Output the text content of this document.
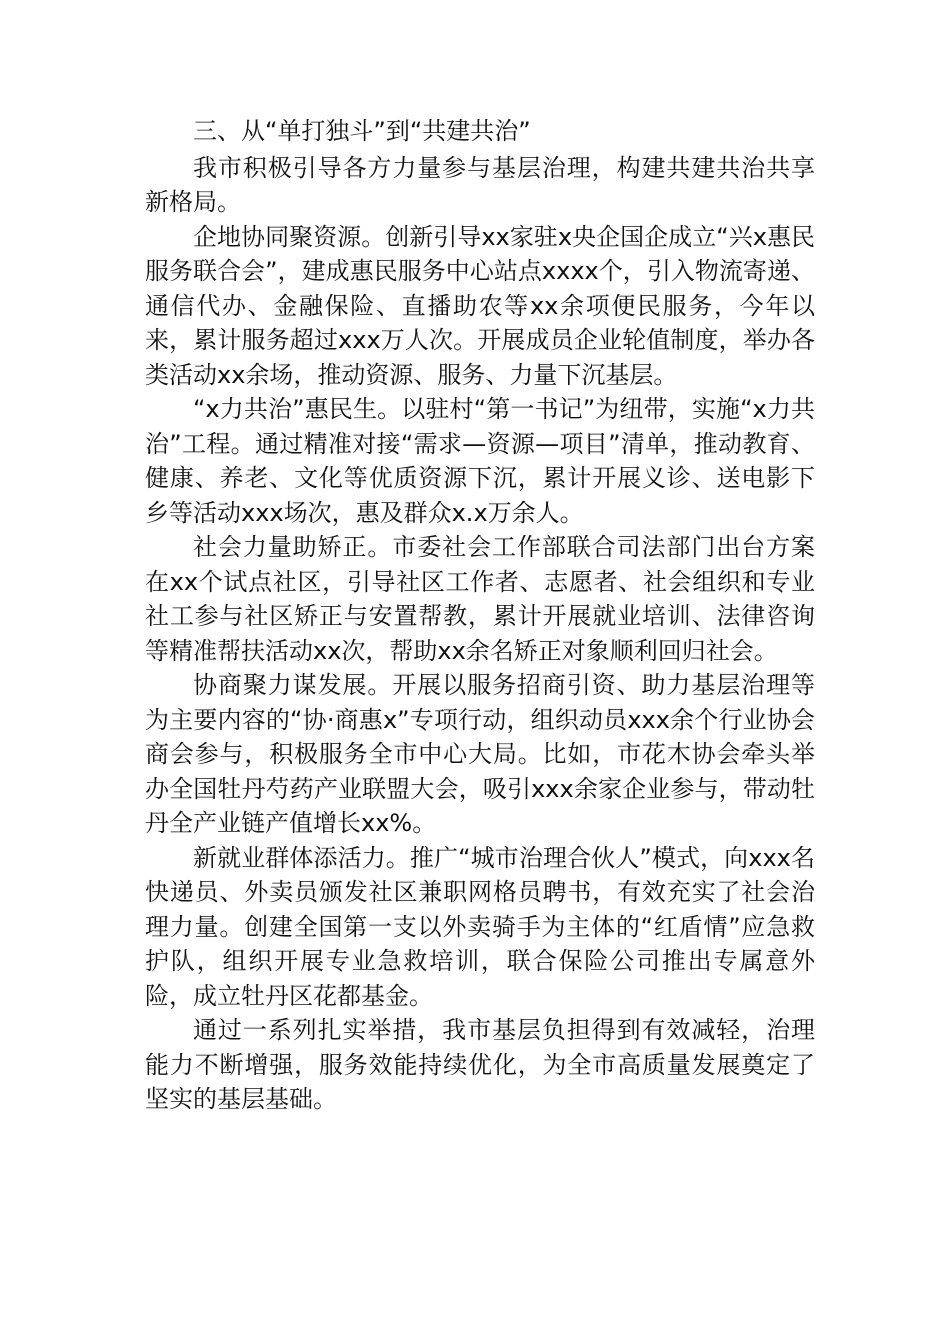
三、从“单打独斗”到“共建共治”

我市积极引导各方力量参与基层治理，构建共建共治共享新格局。

企地协同聚资源。创新引导xx家驻x央企国企成立“兴x惠民服务联合会”，建成惠民服务中心站点xxxx个，引入物流寄递、通信代办、金融保险、直播助农等xx余项便民服务，今年以来，累计服务超过xxx万人次。开展成员企业轮值制度，举办各类活动xx余场，推动资源、服务、力量下沉基层。

“x力共治”惠民生。以驻村“第一书记”为纽带，实施“x力共治”工程。通过精准对接“需求—资源—项目”清单，推动教育、健康、养老、文化等优质资源下沉，累计开展义诊、送电影下乡等活动xxx场次，惠及群众x.x万余人。

社会力量助矫正。市委社会工作部联合司法部门出台方案在xx个试点社区，引导社区工作者、志愿者、社会组织和专业社工参与社区矫正与安置帮教，累计开展就业培训、法律咨询等精准帮扶活动xx次，帮助xx余名矫正对象顺利回归社会。

协商聚力谋发展。开展以服务招商引资、助力基层治理等为主要内容的“协·商惠x”专项行动，组织动员xxx余个行业协会商会参与，积极服务全市中心大局。比如，市花木协会牵头举办全国牡丹芍药产业联盟大会，吸引xxx余家企业参与，带动牡丹全产业链产值增长xx%。

新就业群体添活力。推广“城市治理合伙人”模式，向xxx名快递员、外卖员颁发社区兼职网格员聘书，有效充实了社会治理力量。创建全国第一支以外卖骑手为主体的“红盾情”应急救护队，组织开展专业急救培训，联合保险公司推出专属意外险，成立牡丹区花都基金。

通过一系列扎实举措，我市基层负担得到有效减轻，治理能力不断增强，服务效能持续优化，为全市高质量发展奠定了坚实的基层基础。
